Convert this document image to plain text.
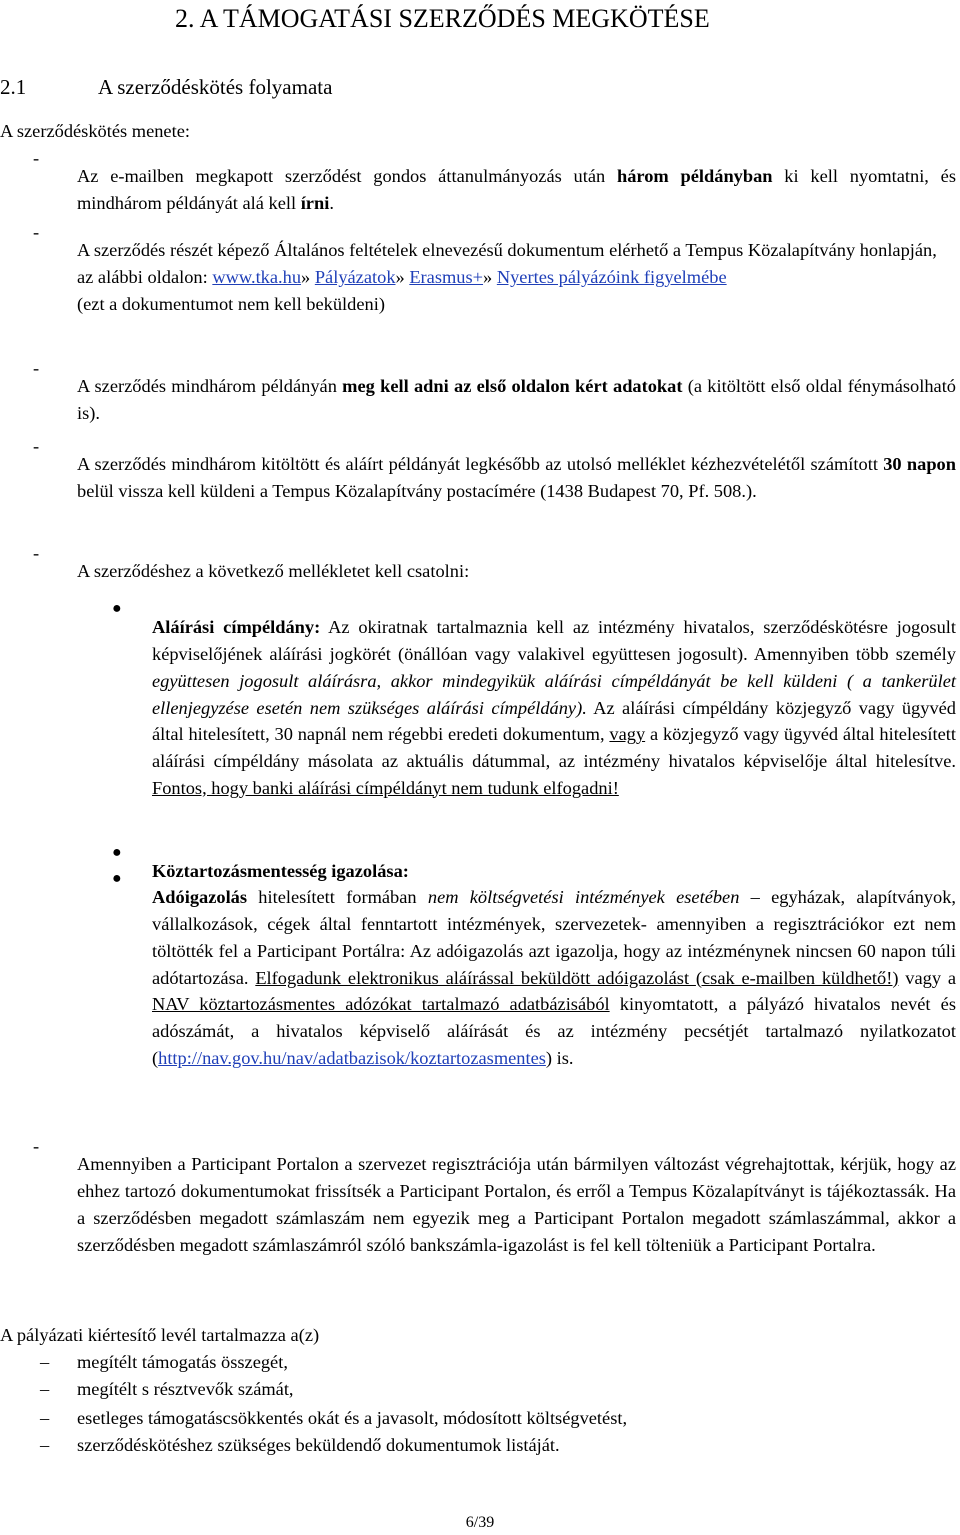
2. A TÁMOGATÁSI SZERZŐDÉS MEGKÖTÉSE
2.1	A szerződéskötés folyamata

A szerződéskötés menete:

-

Az e-mailben megkapott szerződést gondos áttanulmányozás után három példányban ki kell nyomtatni, és mindhárom példányát alá kell írni.

-

A szerződés részét képező Általános feltételek elnevezésű dokumentum elérhető a Tempus Közalapítvány honlapján, az alábbi oldalon: www.tka.hu» Pályázatok» Erasmus+» Nyertes pályázóink figyelmébe
(ezt a dokumentumot nem kell beküldeni)

-

A szerződés mindhárom példányán meg kell adni az első oldalon kért adatokat (a kitöltött első oldal fénymásolható is).

-

A szerződés mindhárom kitöltött és aláírt példányát legkésőbb az utolsó melléklet kézhezvételétől számított 30 napon belül vissza kell küldeni a Tempus Közalapítvány postacímére (1438 Budapest 70, Pf. 508.).

-

A szerződéshez a következő mellékletet kell csatolni:

●

Aláírási címpéldány: Az okiratnak tartalmaznia kell az intézmény hivatalos, szerződéskötésre jogosult képviselőjének aláírási jogkörét (önállóan vagy valakivel együttesen jogosult). Amennyiben több személy együttesen jogosult aláírásra, akkor mindegyikük aláírási címpéldányát be kell küldeni ( a tankerület ellenjegyzése esetén nem szükséges aláírási címpéldány). Az aláírási címpéldány közjegyző vagy ügyvéd által hitelesített, 30 napnál nem régebbi eredeti dokumentum, vagy a közjegyző vagy ügyvéd által hitelesített aláírási címpéldány másolata az aktuális dátummal, az intézmény hivatalos képviselője által hitelesítve. Fontos, hogy banki aláírási címpéldányt nem tudunk elfogadni!

●

Köztartozásmentesség igazolása:

●

Adóigazolás hitelesített formában nem költségvetési intézmények esetében – egyházak, alapítványok, vállalkozások, cégek által fenntartott intézmények, szervezetek- amennyiben a regisztrációkor ezt nem töltötték fel a Participant Portálra: Az adóigazolás azt igazolja, hogy az intézménynek nincsen 60 napon túli adótartozása. Elfogadunk elektronikus aláírással beküldött adóigazolást (csak e-mailben küldhető!) vagy a NAV köztartozásmentes adózókat tartalmazó adatbázisából kinyomtatott, a pályázó hivatalos nevét és adószámát, a hivatalos képviselő aláírását és az intézmény pecsétjét tartalmazó nyilatkozatot (http://nav.gov.hu/nav/adatbazisok/koztartozasmentes) is.

-

Amennyiben a Participant Portalon a szervezet regisztrációja után bármilyen változást végrehajtottak, kérjük, hogy az ehhez tartozó dokumentumokat frissítsék a Participant Portalon, és erről a Tempus Közalapítványt is tájékoztassák. Ha a szerződésben megadott számlaszám nem egyezik meg a Participant Portalon megadott számlaszámmal, akkor a szerződésben megadott számlaszámról szóló bankszámla-igazolást is fel kell tölteniük a Participant Portalra.

A pályázati kiértesítő levél tartalmazza a(z)

– megítélt támogatás összegét,
– megítélt s résztvevők számát,
– esetleges támogatáscsökkentés okát és a javasolt, módosított költségvetést,
– szerződéskötéshez szükséges beküldendő dokumentumok listáját.
6/39
